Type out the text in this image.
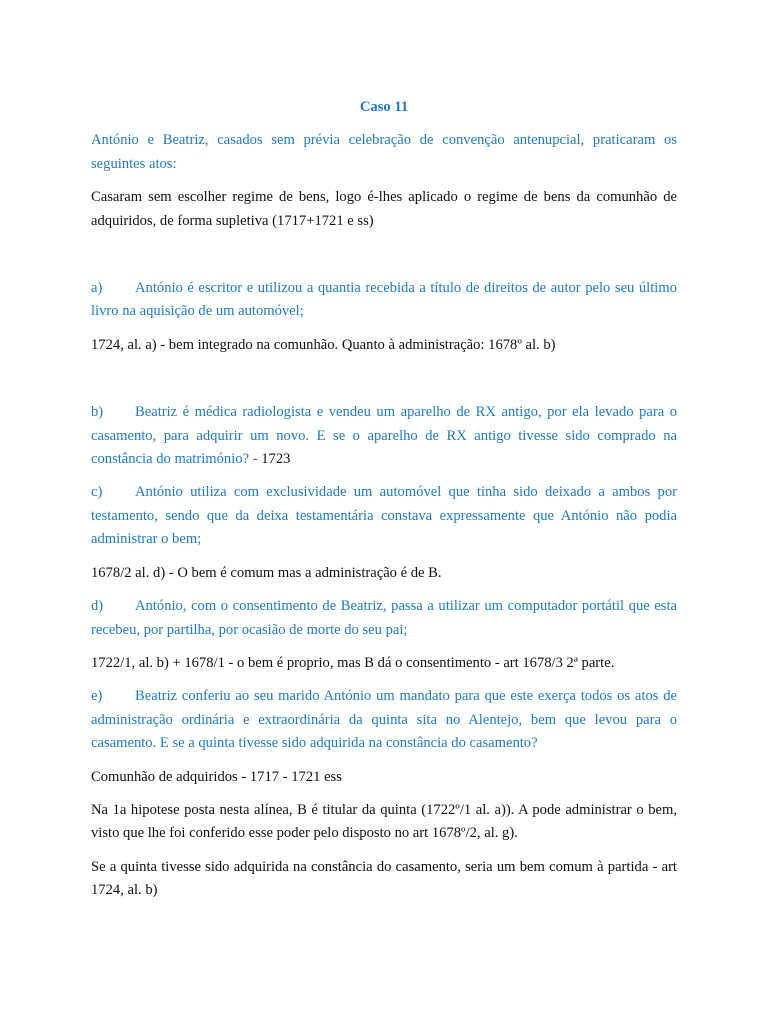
Caso 11

António e Beatriz, casados sem prévia celebração de convenção antenupcial, praticaram os seguintes atos:

Casaram sem escolher regime de bens, logo é-lhes aplicado o regime de bens da comunhão de adquiridos, de forma supletiva (1717+1721 e ss)

a) António é escritor e utilizou a quantia recebida a título de direitos de autor pelo seu último livro na aquisição de um automóvel;

1724, al. a) - bem integrado na comunhão. Quanto à administração: 1678º al. b)

b) Beatriz é médica radiologista e vendeu um aparelho de RX antigo, por ela levado para o casamento, para adquirir um novo. E se o aparelho de RX antigo tivesse sido comprado na constância do matrimónio? - 1723

c) António utiliza com exclusividade um automóvel que tinha sido deixado a ambos por testamento, sendo que da deixa testamentária constava expressamente que António não podia administrar o bem;

1678/2 al. d) - O bem é comum mas a administração é de B.

d) António, com o consentimento de Beatriz, passa a utilizar um computador portátil que esta recebeu, por partilha, por ocasião de morte do seu pai;

1722/1, al. b) + 1678/1 - o bem é proprio, mas B dá o consentimento - art 1678/3 2ª parte.

e) Beatriz conferiu ao seu marido António um mandato para que este exerça todos os atos de administração ordinária e extraordinária da quinta sita no Alentejo, bem que levou para o casamento. E se a quinta tivesse sido adquirida na constância do casamento?

Comunhão de adquiridos - 1717 - 1721 ess

Na 1a hipotese posta nesta alínea, B é titular da quinta (1722º/1 al. a)). A pode administrar o bem, visto que lhe foi conferido esse poder pelo disposto no art 1678º/2, al. g).

Se a quinta tivesse sido adquirida na constância do casamento, seria um bem comum à partida - art 1724, al. b)
